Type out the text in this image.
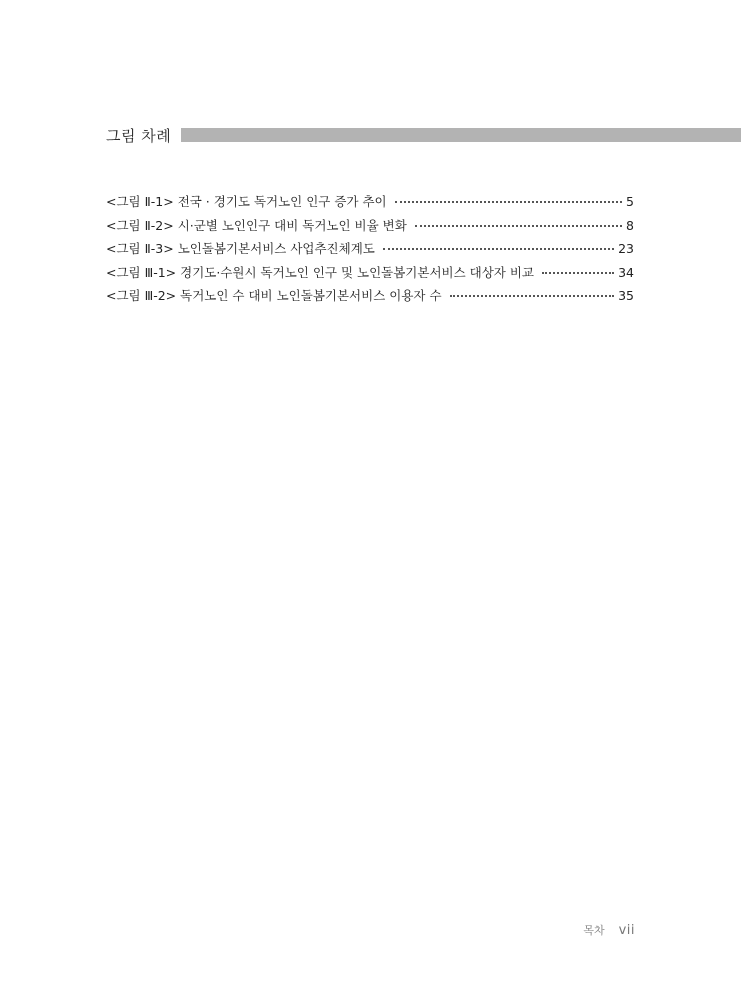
그림 차례
<그림 Ⅱ-1> 전국 · 경기도 독거노인 인구 증가 추이	5
<그림 Ⅱ-2> 시·군별 노인인구 대비 독거노인 비율 변화	8
<그림 Ⅱ-3> 노인돌봄기본서비스 사업추진체계도	23
<그림 Ⅲ-1> 경기도·수원시 독거노인 인구 및 노인돌봄기본서비스 대상자 비교	34
<그림 Ⅲ-2> 독거노인 수 대비 노인돌봄기본서비스 이용자 수	35
목차 vii
